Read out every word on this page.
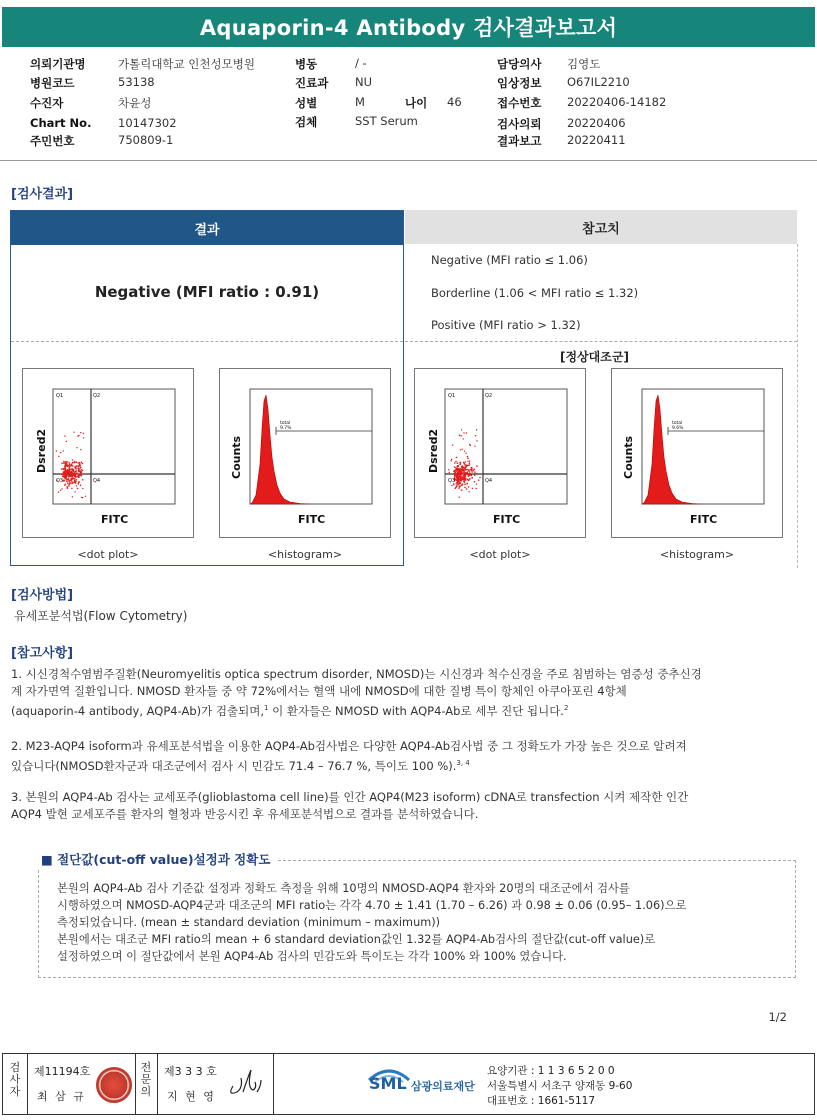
Aquaporin-4 Antibody 검사결과보고서
의뢰기관명	가톨릭대학교 인천성모병원
병원코드	53138
수진자	차윤성
Chart No. 10147302
주민번호	750809-1
병동	/ -
진료과 NU
성별	M	나이 46
검체	SST Serum
담당의사 김영도
임상정보 O67IL2210
접수번호 20220406-14182
검사의뢰 20220406
결과보고 20220411
[검사결과]
결과	참고치
Negative (MFI ratio : 0.91)
Negative (MFI ratio ≤ 1.06)
Borderline (1.06 < MFI ratio ≤ 1.32)
Positive (MFI ratio > 1.32)
[정상대조군]
Q1	Q2
Q3	Q4
Dsred2
FITC
total
9.7%
Counts
FITC
Q1	Q2
Q3	Q4
Dsred2
FITC
total
9.6%
Counts
FITC
<dot plot>	<histogram>	<dot plot>	<histogram>
[검사방법]
유세포분석법(Flow Cytometry)
[참고사항]
1. 시신경척수염범주질환(Neuromyelitis optica spectrum disorder, NMOSD)는 시신경과 척수신경을 주로 침범하는 염증성 중추신경
계 자가면역 질환입니다. NMOSD 환자들 중 약 72%에서는 혈액 내에 NMOSD에 대한 질병 특이 항체인 아쿠아포린 4항체
(aquaporin-4 antibody, AQP4-Ab)가 검출되며,$^1$ 이 환자들은 NMOSD with AQP4-Ab로 세부 진단 됩니다.$^2$
2. M23-AQP4 isoform과 유세포분석법을 이용한 AQP4-Ab검사법은 다양한 AQP4-Ab검사법 중 그 정확도가 가장 높은 것으로 알려져
있습니다(NMOSD환자군과 대조군에서 검사 시 민감도 71.4 – 76.7 %, 특이도 100 %).$^{3, 4}$
3. 본원의 AQP4-Ab 검사는 교세포주(glioblastoma cell line)를 인간 AQP4(M23 isoform) cDNA로 transfection 시켜 제작한 인간
AQP4 발현 교세포주를 환자의 혈청과 반응시킨 후 유세포분석법으로 결과를 분석하였습니다.
■ 절단값(cut-off value)설정과 정확도
본원의 AQP4-Ab 검사 기준값 설정과 정확도 측정을 위해 10명의 NMOSD-AQP4 환자와 20명의 대조군에서 검사를
시행하였으며 NMOSD-AQP4군과 대조군의 MFI ratio는 각각 4.70 ± 1.41 (1.70 – 6.26) 과 0.98 ± 0.06 (0.95– 1.06)으로
측정되었습니다. (mean ± standard deviation (minimum – maximum))
본원에서는 대조군 MFI ratio의 mean + 6 standard deviation값인 1.32를 AQP4-Ab검사의 절단값(cut-off value)로
설정하였으며 이 절단값에서 본원 AQP4-Ab 검사의 민감도와 특이도는 각각 100% 와 100% 였습니다.
1/2
검사자
제11194호
최 삼 규
전문의
제3 3 3 호
지 현 영
SML 삼광의료재단
요양기관 : 1 1 3 6 5 2 0 0
서울특별시 서초구 양재동 9-60
대표번호 : 1661-5117
